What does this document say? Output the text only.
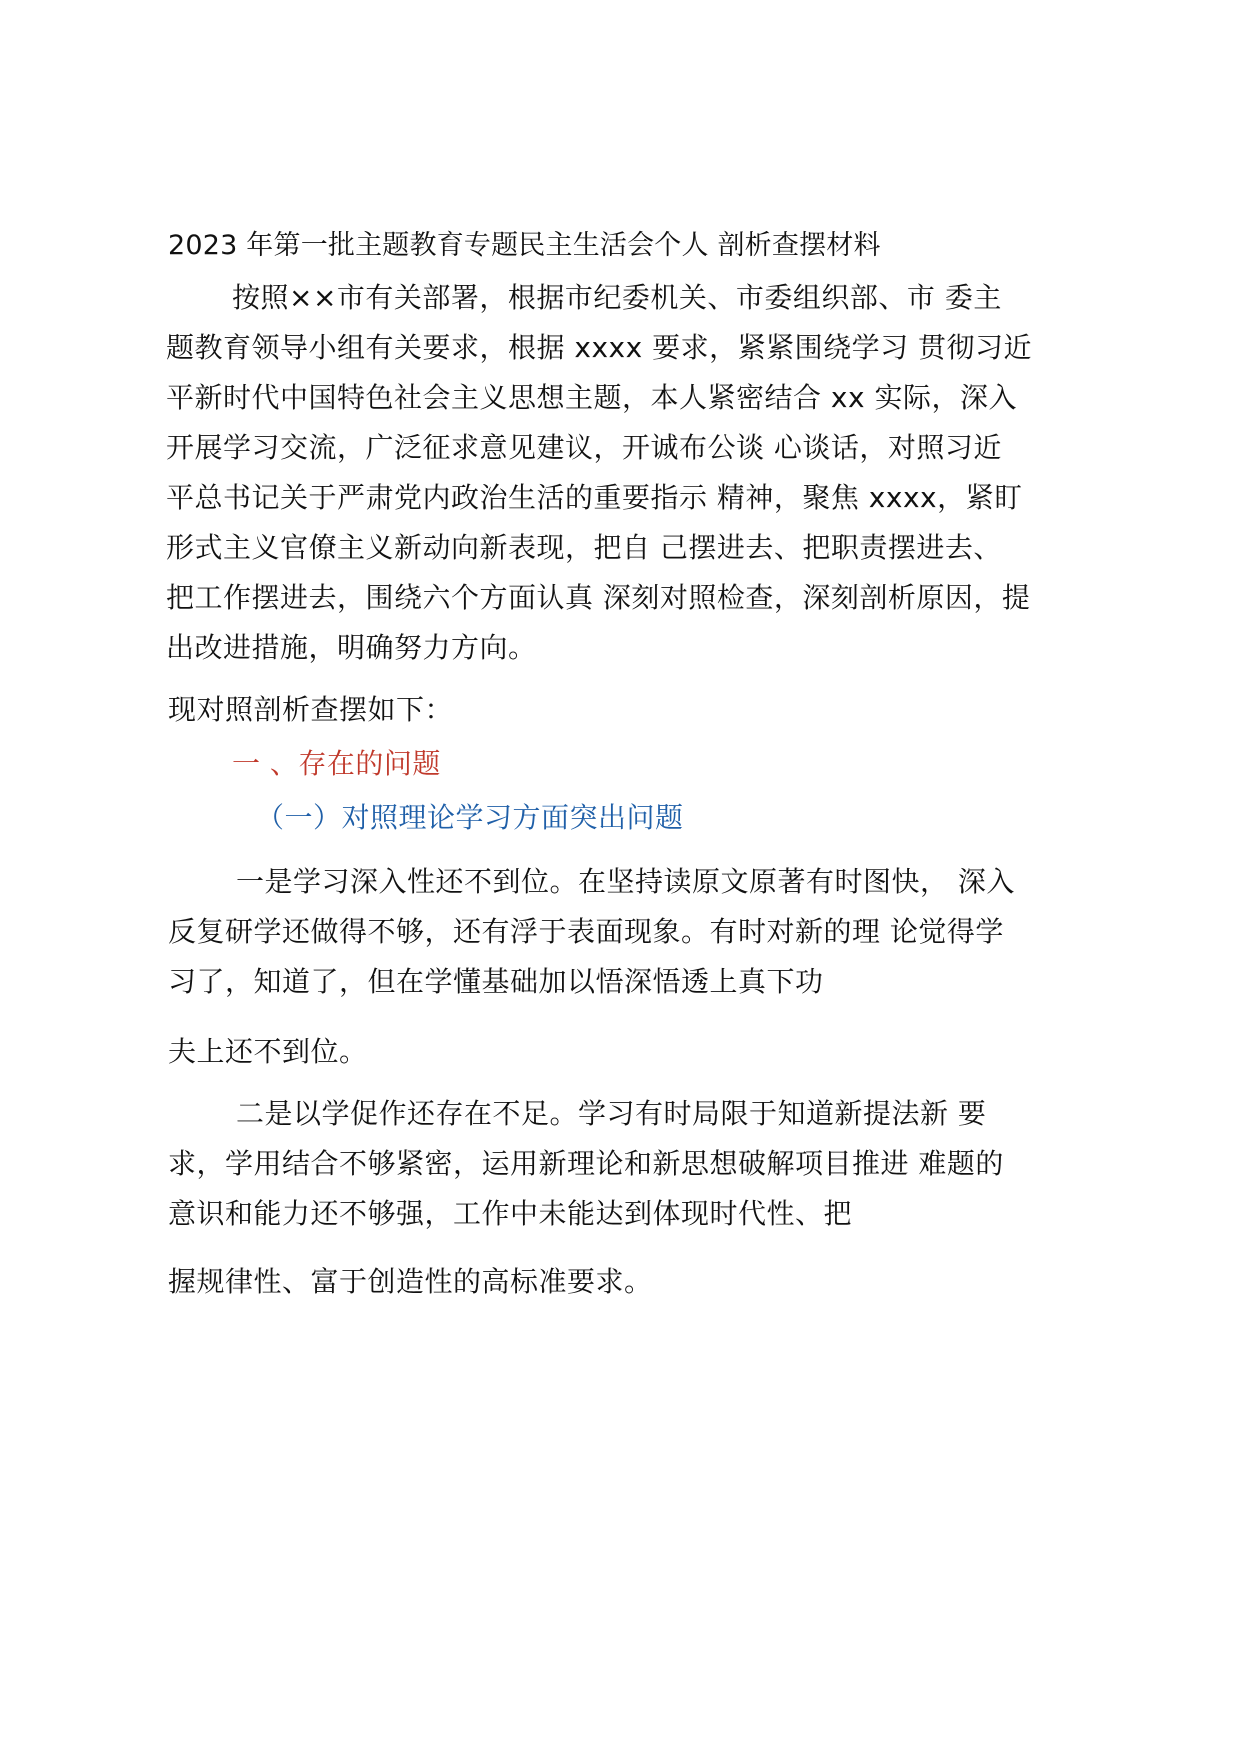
2023 年第一批主题教育专题民主生活会个人 剖析查摆材料
按照××市有关部署，根据市纪委机关、市委组织部、市 委主
题教育领导小组有关要求，根据 xxxx 要求，紧紧围绕学习 贯彻习近
平新时代中国特色社会主义思想主题，本人紧密结合 xx 实际，深入
开展学习交流，广泛征求意见建议，开诚布公谈 心谈话，对照习近
平总书记关于严肃党内政治生活的重要指示 精神，聚焦 xxxx，紧盯
形式主义官僚主义新动向新表现，把自 己摆进去、把职责摆进去、
把工作摆进去，围绕六个方面认真 深刻对照检查，深刻剖析原因，提
出改进措施，明确努力方向。
现对照剖析查摆如下：
一 、存在的问题
（一）对照理论学习方面突出问题
一是学习深入性还不到位。在坚持读原文原著有时图快， 深入
反复研学还做得不够，还有浮于表面现象。有时对新的理 论觉得学
习了，知道了，但在学懂基础加以悟深悟透上真下功
夫上还不到位。
二是以学促作还存在不足。学习有时局限于知道新提法新 要
求，学用结合不够紧密，运用新理论和新思想破解项目推进 难题的
意识和能力还不够强，工作中未能达到体现时代性、把
握规律性、富于创造性的高标准要求。
